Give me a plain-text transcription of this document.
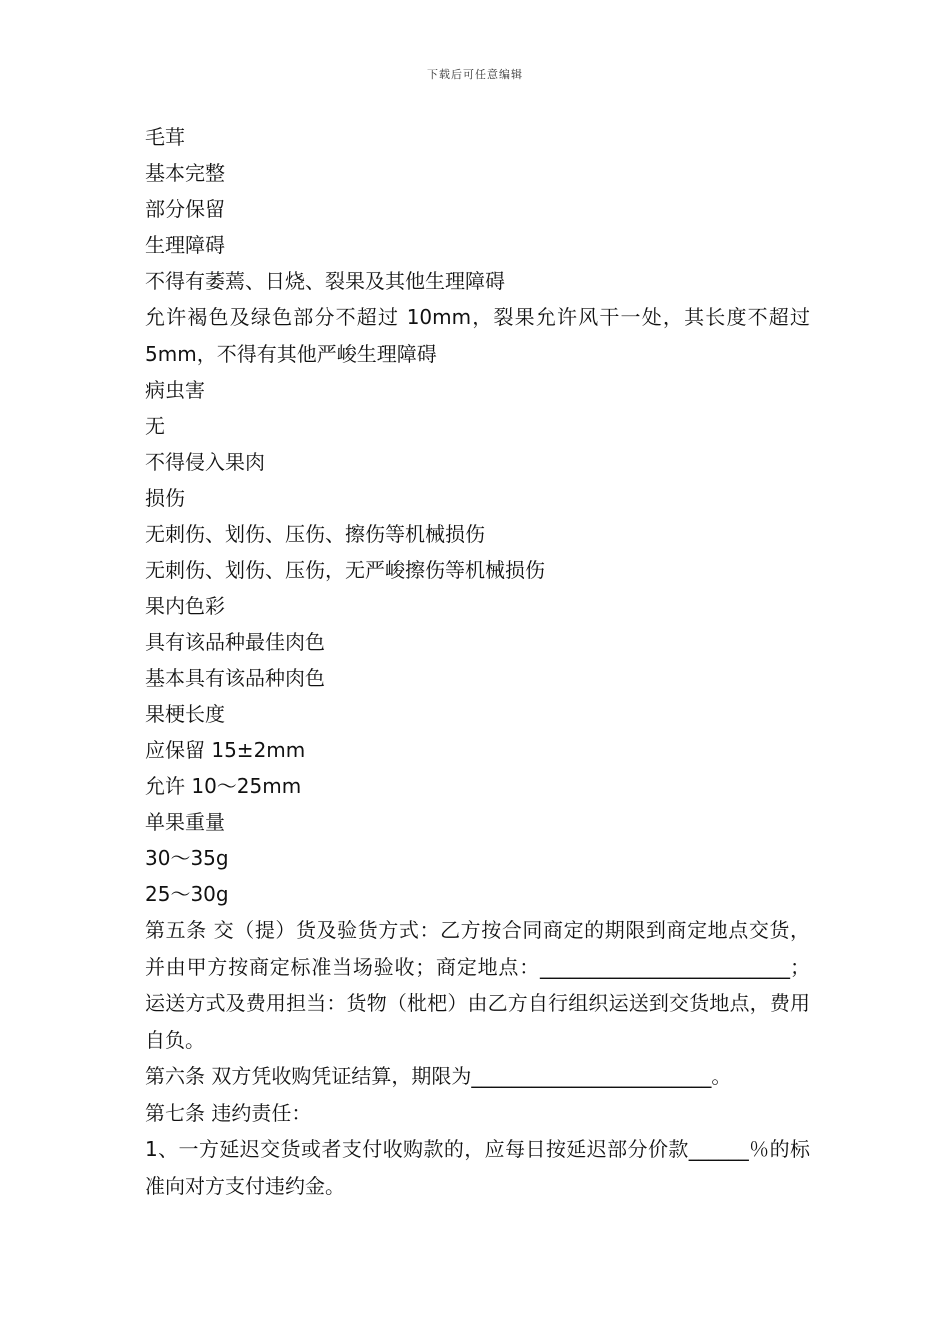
下载后可任意编辑
毛茸
基本完整
部分保留
生理障碍
不得有萎蔫、日烧、裂果及其他生理障碍
允许褐色及绿色部分不超过 10mm，裂果允许风干一处，其长度不超过 5mm，不得有其他严峻生理障碍
病虫害
无
不得侵入果肉
损伤
无刺伤、划伤、压伤、擦伤等机械损伤
无刺伤、划伤、压伤，无严峻擦伤等机械损伤
果内色彩
具有该品种最佳肉色
基本具有该品种肉色
果梗长度
应保留 15±2mm
允许 10～25mm
单果重量
30～35g
25～30g
第五条 交（提）货及验货方式：乙方按合同商定的期限到商定地点交货，并由甲方按商定标准当场验收；商定地点：_________________________；运送方式及费用担当：货物（枇杷）由乙方自行组织运送到交货地点，费用自负。
第六条 双方凭收购凭证结算，期限为________________________。
第七条 违约责任：
1、一方延迟交货或者支付收购款的，应每日按延迟部分价款______％的标准向对方支付违约金。
